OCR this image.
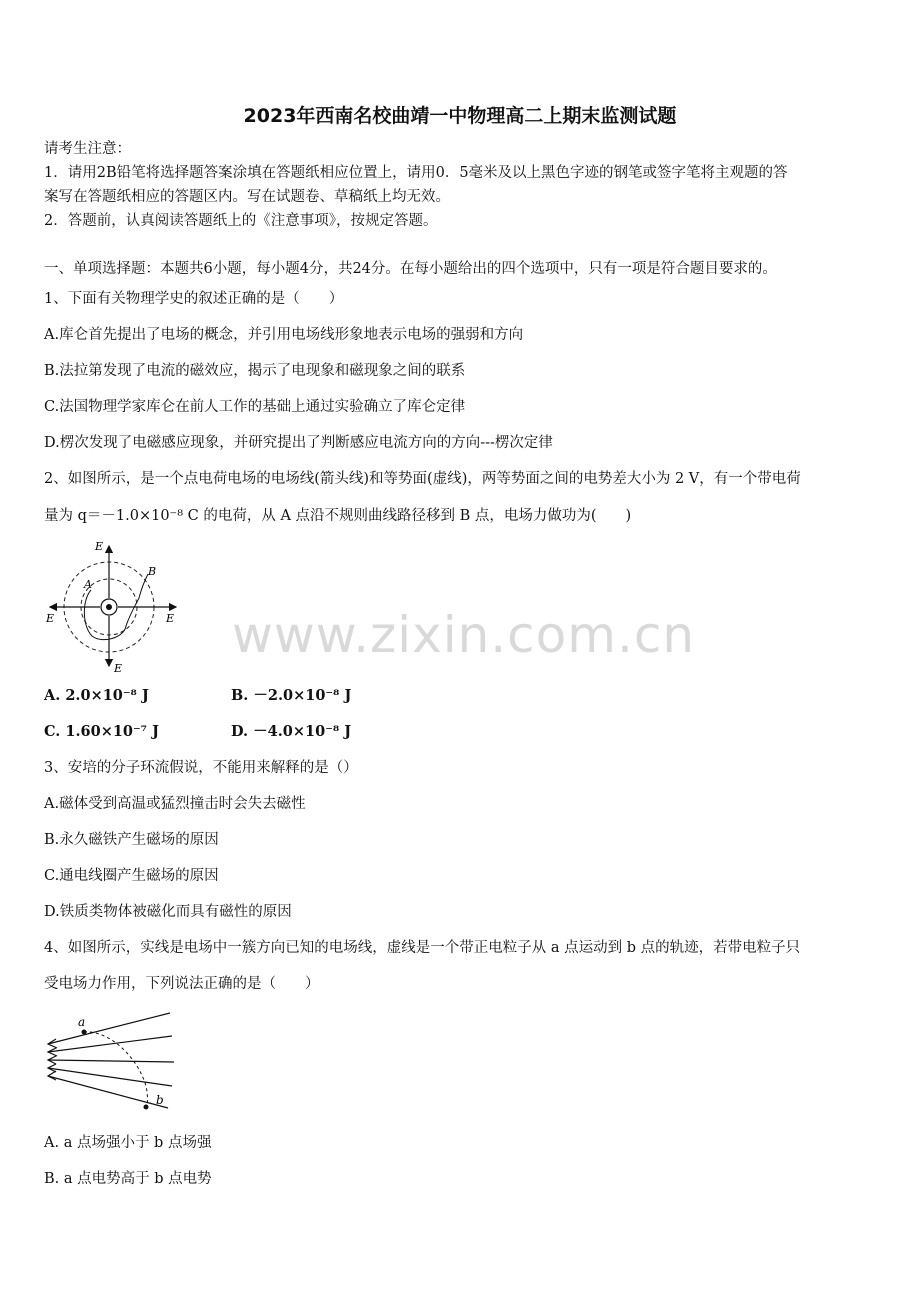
2023年西南名校曲靖一中物理高二上期末监测试题
请考生注意：
1．请用2B铅笔将选择题答案涂填在答题纸相应位置上，请用0．5毫米及以上黑色字迹的钢笔或签字笔将主观题的答
案写在答题纸相应的答题区内。写在试题卷、草稿纸上均无效。
2．答题前，认真阅读答题纸上的《注意事项》，按规定答题。
一、单项选择题：本题共6小题，每小题4分，共24分。在每小题给出的四个选项中，只有一项是符合题目要求的。
1、下面有关物理学史的叙述正确的是（　　）
A.库仑首先提出了电场的概念，并引用电场线形象地表示电场的强弱和方向
B.法拉第发现了电流的磁效应，揭示了电现象和磁现象之间的联系
C.法国物理学家库仑在前人工作的基础上通过实验确立了库仑定律
D.楞次发现了电磁感应现象，并研究提出了判断感应电流方向的方向---楞次定律
2、如图所示，是一个点电荷电场的电场线(箭头线)和等势面(虚线)，两等势面之间的电势差大小为 2 V，有一个带电荷
量为 q＝－1.0×10⁻⁸ C 的电荷，从 A 点沿不规则曲线路径移到 B 点，电场力做功为(　　)
E
E
E	E
A
B
A. 2.0×10⁻⁸ J	B. －2.0×10⁻⁸ J
C. 1.60×10⁻⁷ J	D. －4.0×10⁻⁸ J
3、安培的分子环流假说，不能用来解释的是（）
A.磁体受到高温或猛烈撞击时会失去磁性
B.永久磁铁产生磁场的原因
C.通电线圈产生磁场的原因
D.铁质类物体被磁化而具有磁性的原因
4、如图所示，实线是电场中一簇方向已知的电场线，虚线是一个带正电粒子从 a 点运动到 b 点的轨迹，若带电粒子只
受电场力作用，下列说法正确的是（　　）
a
b
A. a 点场强小于 b 点场强
B. a 点电势高于 b 点电势
www.zixin.com.cn
